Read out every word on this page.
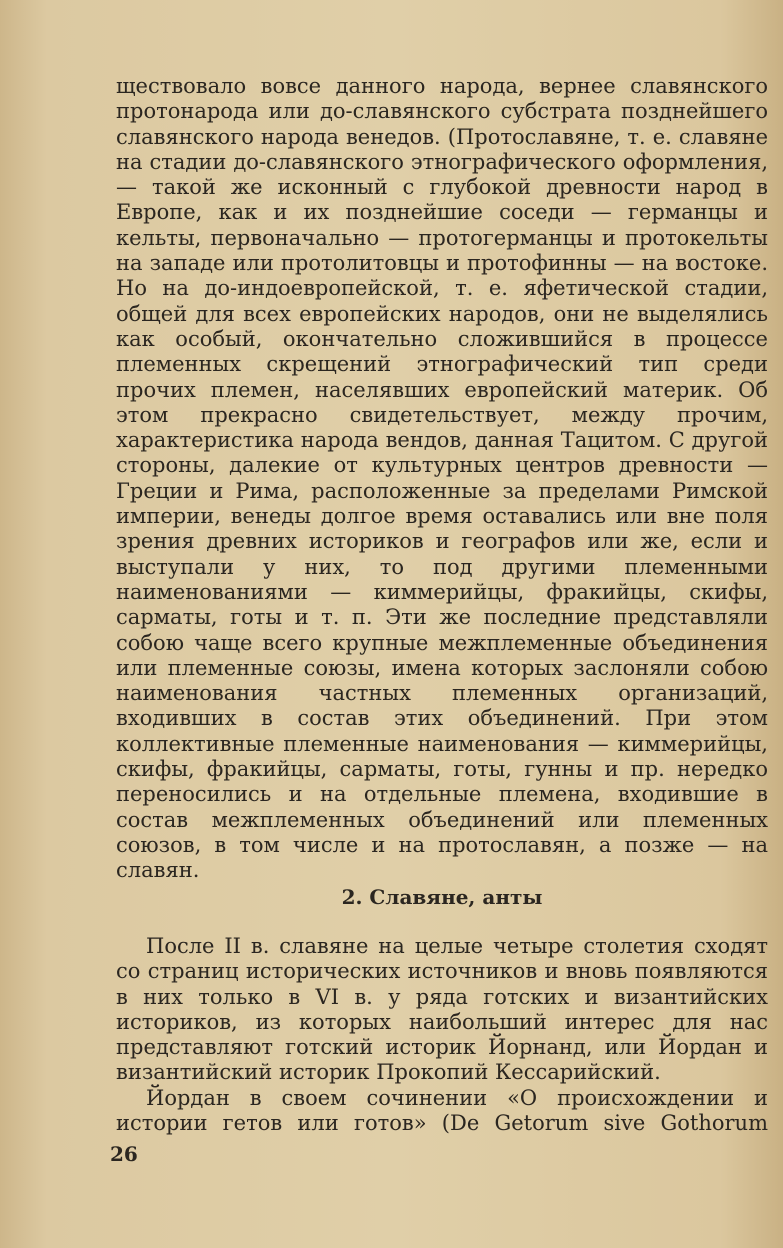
ществовало вовсе данного народа, вернее славянского протонарода или до-славянского субстрата позднейшего славянского народа венедов. (Протославяне, т. е. славяне на стадии до-славянского этнографического оформления, — такой же исконный с глубокой древности народ в Европе, как и их позднейшие соседи — германцы и кельты, первоначально — протогерманцы и протокельты на западе или протолитовцы и протофинны — на востоке. Но на до-индоевропейской, т. е. яфетической стадии, общей для всех европейских народов, они не выделялись как особый, окончательно сложившийся в процессе племенных скрещений этнографический тип среди прочих племен, населявших европейский материк. Об этом прекрасно свидетельствует, между прочим, характеристика народа вендов, данная Тацитом. С другой стороны, далекие от культурных центров древности — Греции и Рима, расположенные за пределами Римской империи, венеды долгое время оставались или вне поля зрения древних историков и географов или же, если и выступали у них, то под другими племенными наименованиями — киммерийцы, фракийцы, скифы, сарматы, готы и т. п. Эти же последние представляли собою чаще всего крупные межплеменные объединения или племенные союзы, имена которых заслоняли собою наименования частных племенных организаций, входивших в состав этих объединений. При этом коллективные племенные наименования — киммерийцы, скифы, фракийцы, сарматы, готы, гунны и пр. нередко переносились и на отдельные племена, входившие в состав межплеменных объединений или племенных союзов, в том числе и на протославян, а позже — на славян.

2. Славяне, анты

После II в. славяне на целые четыре столетия сходят со страниц исторических источников и вновь появляются в них только в VI в. у ряда готских и византийских историков, из которых наибольший интерес для нас представляют готский историк Йорнанд, или Йордан и византийский историк Прокопий Кессарийский.

Йордан в своем сочинении «О происхождении и истории гетов или готов» (De Getorum sive Gothorum

26
